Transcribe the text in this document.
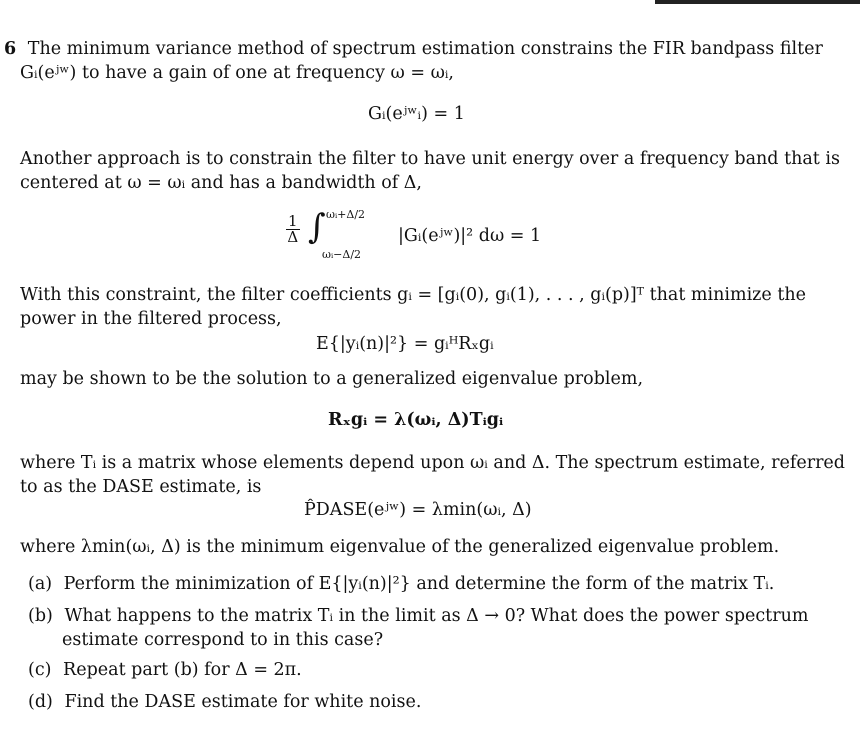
6 The minimum variance method of spectrum estimation constrains the FIR bandpass filter
Gᵢ(eʲʷ) to have a gain of one at frequency ω = ωᵢ,
Gᵢ(eʲʷᵢ) = 1
Another approach is to constrain the filter to have unit energy over a frequency band that is
centered at ω = ωᵢ and has a bandwidth of Δ,
$\frac{1}{\Delta}$ ∫ ωᵢ+Δ/2
ωᵢ−Δ/2
|Gᵢ(eʲʷ)|² dω = 1
With this constraint, the filter coefficients gᵢ = [gᵢ(0), gᵢ(1), . . . , gᵢ(p)]ᵀ that minimize the
power in the filtered process,
E{|yᵢ(n)|²} = gᵢᴴRₓgᵢ
may be shown to be the solution to a generalized eigenvalue problem,
Rₓgᵢ = λ(ωᵢ, Δ)Tᵢgᵢ
where Tᵢ is a matrix whose elements depend upon ωᵢ and Δ. The spectrum estimate, referred
to as the DASE estimate, is
P̂DASE(eʲʷ) = λmin(ωᵢ, Δ)
where λmin(ωᵢ, Δ) is the minimum eigenvalue of the generalized eigenvalue problem.
(a) Perform the minimization of E{|yᵢ(n)|²} and determine the form of the matrix Tᵢ.
(b) What happens to the matrix Tᵢ in the limit as Δ → 0? What does the power spectrum
estimate correspond to in this case?
(c) Repeat part (b) for Δ = 2π.
(d) Find the DASE estimate for white noise.
